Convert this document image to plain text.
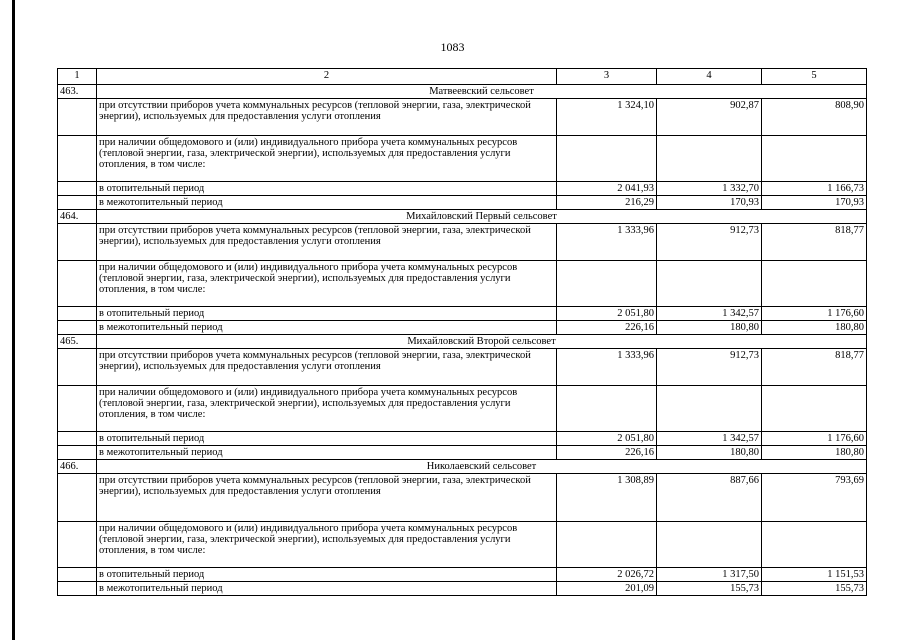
1083
1	2	3	4	5
463.	Матвеевский сельсовет			
	при отсутствии приборов учета коммунальных ресурсов (тепловой энергии, газа, электрической энергии), используемых для предоставления услуги отопления	1 324,10	902,87	808,90
	при наличии общедомового и (или) индивидуального прибора учета коммунальных ресурсов (тепловой энергии, газа, электрической энергии), используемых для предоставления услуги отопления, в том числе:			
	в отопительный период	2 041,93	1 332,70	1 166,73
	в межотопительный период	216,29	170,93	170,93
464.	Михайловский Первый сельсовет			
	при отсутствии приборов учета коммунальных ресурсов (тепловой энергии, газа, электрической энергии), используемых для предоставления услуги отопления	1 333,96	912,73	818,77
	при наличии общедомового и (или) индивидуального прибора учета коммунальных ресурсов (тепловой энергии, газа, электрической энергии), используемых для предоставления услуги отопления, в том числе:			
	в отопительный период	2 051,80	1 342,57	1 176,60
	в межотопительный период	226,16	180,80	180,80
465.	Михайловский Второй сельсовет			
	при отсутствии приборов учета коммунальных ресурсов (тепловой энергии, газа, электрической энергии), используемых для предоставления услуги отопления	1 333,96	912,73	818,77
	при наличии общедомового и (или) индивидуального прибора учета коммунальных ресурсов (тепловой энергии, газа, электрической энергии), используемых для предоставления услуги отопления, в том числе:			
	в отопительный период	2 051,80	1 342,57	1 176,60
	в межотопительный период	226,16	180,80	180,80
466.	Николаевский сельсовет			
	при отсутствии приборов учета коммунальных ресурсов (тепловой энергии, газа, электрической энергии), используемых для предоставления услуги отопления	1 308,89	887,66	793,69
	при наличии общедомового и (или) индивидуального прибора учета коммунальных ресурсов (тепловой энергии, газа, электрической энергии), используемых для предоставления услуги отопления, в том числе:			
	в отопительный период	2 026,72	1 317,50	1 151,53
	в межотопительный период	201,09	155,73	155,73
